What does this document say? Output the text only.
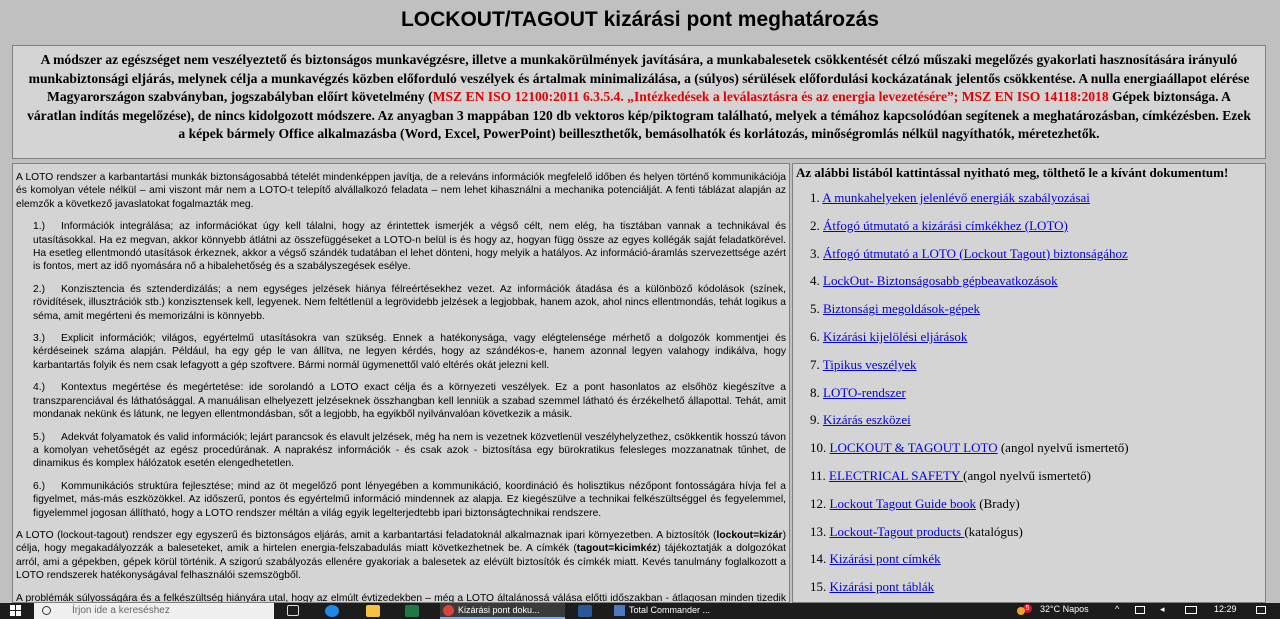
LOCKOUT/TAGOUT kizárási pont meghatározás
A módszer az egészséget nem veszélyeztető és biztonságos munkavégzésre, illetve a munkakörülmények javítására, a munkabalesetek csökkentését célzó műszaki megelőzés gyakorlati hasznosítására irányuló munkabiztonsági eljárás, melynek célja a munkavégzés közben előforduló veszélyek és ártalmak minimalizálása, a (súlyos) sérülések előfordulási kockázatának jelentős csökkentése. A nulla energiaállapot elérése Magyarországon szabványban, jogszabályban előírt követelmény (MSZ EN ISO 12100:2011 6.3.5.4. „Intézkedések a leválasztásra és az energia levezetésére”; MSZ EN ISO 14118:2018 Gépek biztonsága. A váratlan indítás megelőzése), de nincs kidolgozott módszere. Az anyagban 3 mappában 120 db vektoros kép/piktogram található, melyek a témához kapcsolódóan segítenek a meghatározásban, címkézésben. Ezek a képek bármely Office alkalmazásba (Word, Excel, PowerPoint) beilleszthetők, bemásolhatók és korlátozás, minőségromlás nélkül nagyíthatók, méretezhetők.

A LOTO rendszer a karbantartási munkák biztonságosabbá tételét mindenképpen javítja, de a releváns információk megfelelő időben és helyen történő kommunikációja és komolyan vétele nélkül – ami viszont már nem a LOTO-t telepítő alvállalkozó feladata – nem lehet kihasználni a mechanika potenciálját. A fenti táblázat alapján az elemzők a következő javaslatokat fogalmazták meg.

1.) Információk integrálása; az információkat úgy kell tálalni, hogy az érintettek ismerjék a végső célt, nem elég, ha tisztában vannak a technikával és utasításokkal. Ha ez megvan, akkor könnyebb átlátni az összefüggéseket a LOTO-n belül is és hogy az, hogyan függ össze az egyes kollégák saját feladatkörével. Ha esetleg ellentmondó utasítások érkeznek, akkor a végső szándék tudatában el lehet dönteni, hogy melyik a hatályos. Az információ-áramlás szervezettsége azért is fontos, mert az idő nyomására nő a hibalehetőség és a szabályszegések esélye.
2.) Konzisztencia és sztenderdizálás; a nem egységes jelzések hiánya félreértésekhez vezet. Az információk átadása és a különböző kódolások (színek, rövidítések, illusztrációk stb.) konzisztensek kell, legyenek. Nem feltétlenül a legrövidebb jelzések a legjobbak, hanem azok, ahol nincs ellentmondás, tehát logikus a séma, amit megérteni és memorizálni is könnyebb.
3.) Explicit információk; világos, egyértelmű utasításokra van szükség. Ennek a hatékonysága, vagy elégtelensége mérhető a dolgozók kommentjei és kérdéseinek száma alapján. Például, ha egy gép le van állítva, ne legyen kérdés, hogy az szándékos-e, hanem azonnal legyen valahogy indikálva, hogy karbantartás folyik és nem csak lefagyott a gép szoftvere. Bármi normál ügymenettől való eltérés okát jelezni kell.
4.) Kontextus megértése és megértetése: ide sorolandó a LOTO exact célja és a környezeti veszélyek. Ez a pont hasonlatos az elsőhöz kiegészítve a transzparenciával és láthatósággal. A manuálisan elhelyezett jelzéseknek összhangban kell lenniük a szabad szemmel látható és érzékelhető állapottal. Tehát, amit mondanak nekünk és látunk, ne legyen ellentmondásban, sőt a legjobb, ha egyikből nyilvánvalóan következik a másik.
5.) Adekvát folyamatok és valid információk; lejárt parancsok és elavult jelzések, még ha nem is vezetnek közvetlenül veszélyhelyzethez, csökkentik hosszú távon a komolyan vehetőségét az egész procedúrának. A naprakész információk - és csak azok - biztosítása egy bürokratikus felesleges mozzanatnak tűnhet, de dinamikus és komplex hálózatok esetén elengedhetetlen.
6.) Kommunikációs struktúra fejlesztése; mind az öt megelőző pont lényegében a kommunikáció, koordináció és holisztikus nézőpont fontosságára hívja fel a figyelmet, más-más eszközökkel. Az időszerű, pontos és egyértelmű információ mindennek az alapja. Ez kiegészülve a technikai felkészültséggel és fegyelemmel, figyelemmel jogosan állítható, hogy a LOTO rendszer méltán a világ egyik legelterjedtebb ipari biztonságtechnikai rendszere.

A LOTO (lockout-tagout) rendszer egy egyszerű és biztonságos eljárás, amit a karbantartási feladatoknál alkalmaznak ipari környezetben. A biztosítók (lockout=kizár) célja, hogy megakadályozzák a baleseteket, amik a hirtelen energia-felszabadulás miatt következhetnek be. A címkék (tagout=kicimkéz) tájékoztatják a dolgozókat arról, ami a gépekben, gépek körül történik. A szigorú szabályozás ellenére gyakoriak a balesetek az elévült biztosítók és címkék miatt. Kevés tanulmány foglalkozott a LOTO rendszerek hatékonyságával felhasználói szemszögből.

A problémák súlyosságára és a felkészültség hiányára utal, hogy az elmúlt évtizedekben – még a LOTO általánossá válása előtti időszakban - átlagosan minden tizedik

Az alábbi listából kattintással nyitható meg, tölthető le a kívánt dokumentum!
1. A munkahelyeken jelenlévő energiák szabályozásai
2. Átfogó útmutató a kizárási címkékhez (LOTO)
3. Átfogó útmutató a LOTO (Lockout Tagout) biztonságához
4. LockOut- Biztonságosabb gépbeavatkozások
5. Biztonsági megoldások-gépek
6. Kizárási kijelölési eljárások
7. Tipikus veszélyek
8. LOTO-rendszer
9. Kizárás eszközei
10. LOCKOUT & TAGOUT LOTO (angol nyelvű ismertető)
11. ELECTRICAL SAFETY (angol nyelvű ismertető)
12. Lockout Tagout Guide book (Brady)
13. Lockout-Tagout products (katalógus)
14. Kizárási pont címkék
15. Kizárási pont táblák
Írjon ide a kereséshez	Kizárási pont doku...	Total Commander ...	5 32°C Napos	^	◂	12:29
